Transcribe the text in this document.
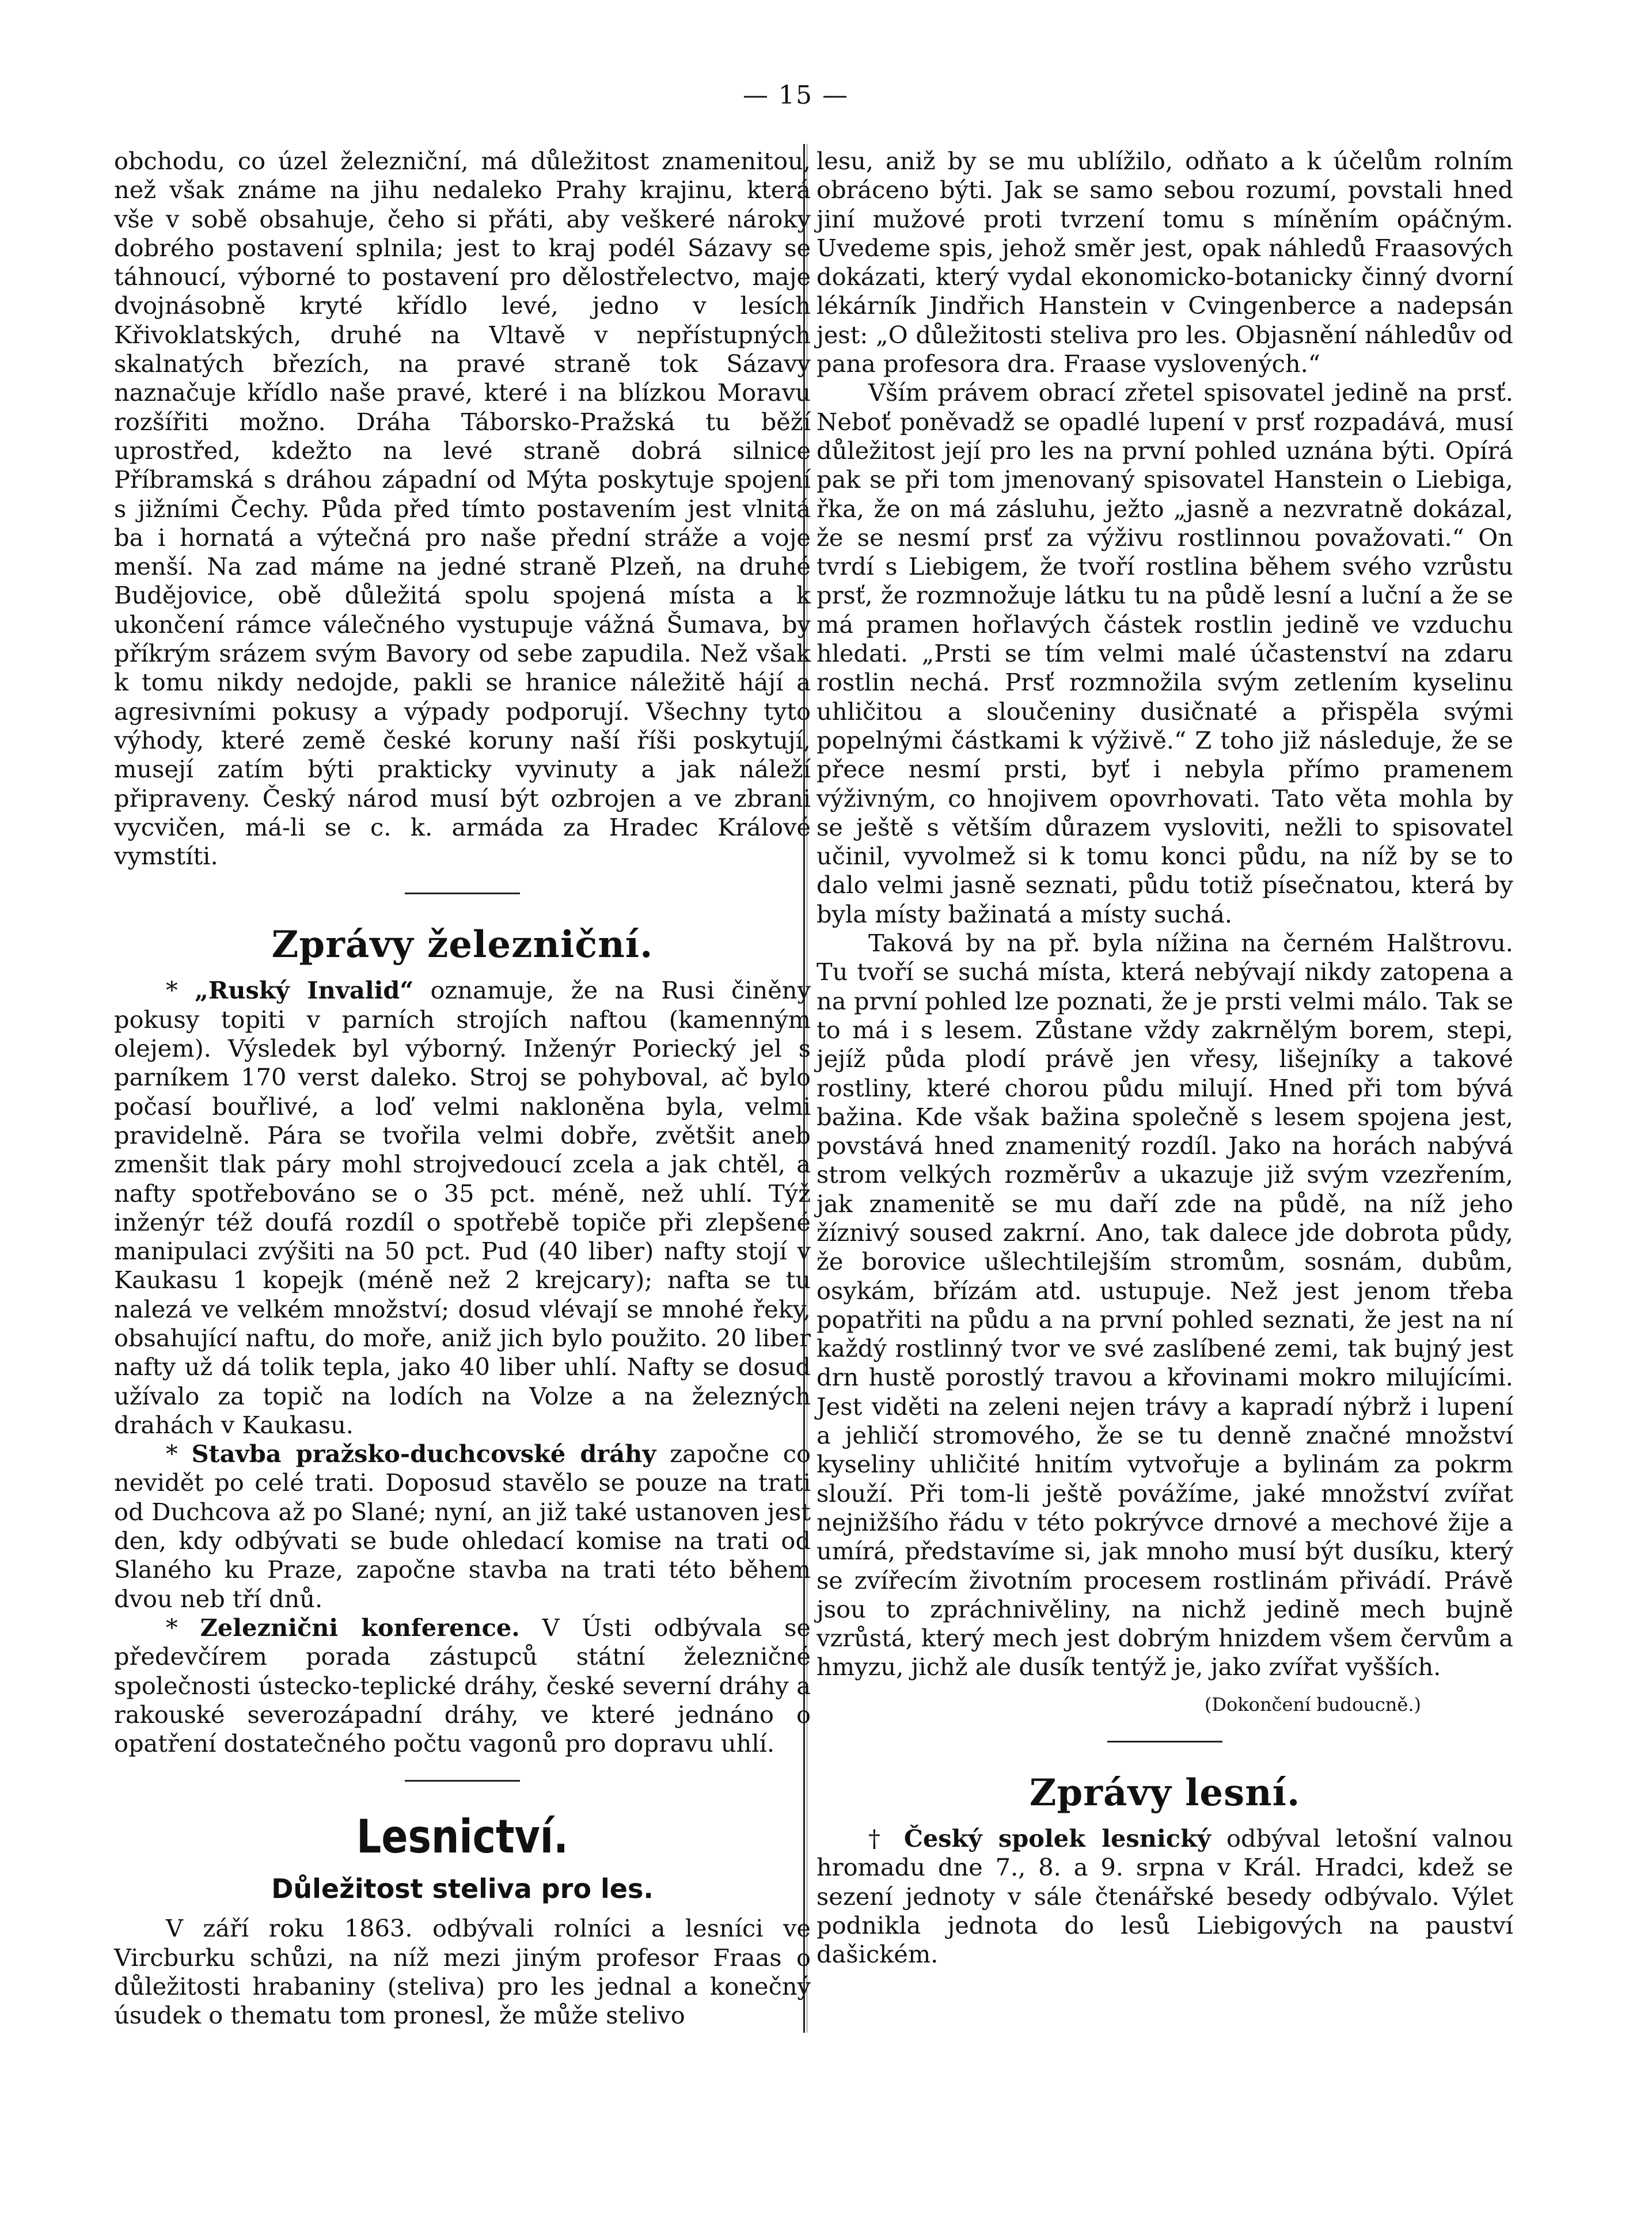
— 15 —

obchodu, co úzel železniční, má důležitost znamenitou, než však známe na jihu nedaleko Prahy krajinu, která vše v sobě obsahuje, čeho si přáti, aby veškeré nároky dobrého postavení splnila; jest to kraj podél Sázavy se táhnoucí, výborné to postavení pro dělostřelectvo, maje dvojnásobně kryté křídlo levé, jedno v lesích Křivoklatských, druhé na Vltavě v nepřístupných skalnatých březích, na pravé straně tok Sázavy naznačuje křídlo naše pravé, které i na blízkou Moravu rozšířiti možno. Dráha Táborsko-Pražská tu běží uprostřed, kdežto na levé straně dobrá silnice Příbramská s dráhou západní od Mýta poskytuje spojení s jižními Čechy. Půda před tímto postavením jest vlnitá ba i hornatá a výtečná pro naše přední stráže a voje menší. Na zad máme na jedné straně Plzeň, na druhé Budějovice, obě důležitá spolu spojená místa a k ukončení rámce válečného vystupuje vážná Šumava, by příkrým srázem svým Bavory od sebe zapudila. Než však k tomu nikdy nedojde, pakli se hranice náležitě hájí a agresivními pokusy a výpady podporují. Všechny tyto výhody, které země české koruny naší říši poskytují, musejí zatím býti prakticky vyvinuty a jak náleží připraveny. Český národ musí být ozbrojen a ve zbrani vycvičen, má-li se c. k. armáda za Hradec Králové vymstíti.

Zprávy železniční.

* „Ruský Invalid“ oznamuje, že na Rusi činěny pokusy topiti v parních strojích naftou (kamenným olejem). Výsledek byl výborný. Inženýr Poriecký jel s parníkem 170 verst daleko. Stroj se pohyboval, ač bylo počasí bouřlivé, a loď velmi nakloněna byla, velmi pravidelně. Pára se tvořila velmi dobře, zvětšit aneb zmenšit tlak páry mohl strojvedoucí zcela a jak chtěl, a nafty spotřebováno se o 35 pct. méně, než uhlí. Týž inženýr též doufá rozdíl o spotřebě topiče při zlepšené manipulaci zvýšiti na 50 pct. Pud (40 liber) nafty stojí v Kaukasu 1 kopejk (méně než 2 krejcary); nafta se tu nalezá ve velkém množství; dosud vlévají se mnohé řeky, obsahující naftu, do moře, aniž jich bylo použito. 20 liber nafty už dá tolik tepla, jako 40 liber uhlí. Nafty se dosud užívalo za topič na lodích na Volze a na železných drahách v Kaukasu.

* Stavba pražsko-duchcovské dráhy započne co nevidět po celé trati. Doposud stavělo se pouze na trati od Duchcova až po Slané; nyní, an již také ustanoven jest den, kdy odbývati se bude ohledací komise na trati od Slaného ku Praze, započne stavba na trati této během dvou neb tří dnů.

* Zeleznični konference. V Ústi odbývala se předevčírem porada zástupců státní železničné společnosti ústecko-teplické dráhy, české severní dráhy a rakouské severozápadní dráhy, ve které jednáno o opatření dostatečného počtu vagonů pro dopravu uhlí.

Lesnictví.
Důležitost steliva pro les.

V září roku 1863. odbývali rolníci a lesníci ve Vircburku schůzi, na níž mezi jiným profesor Fraas o důležitosti hrabaniny (steliva) pro les jednal a konečný úsudek o thematu tom pronesl, že může stelivo

lesu, aniž by se mu ublížilo, odňato a k účelům rolním obráceno býti. Jak se samo sebou rozumí, povstali hned jiní mužové proti tvrzení tomu s míněním opáčným. Uvedeme spis, jehož směr jest, opak náhledů Fraasových dokázati, který vydal ekonomicko-botanicky činný dvorní lékárník Jindřich Hanstein v Cvingenberce a nadepsán jest: „O důležitosti steliva pro les. Objasnění náhledův od pana profesora dra. Fraase vyslovených.“

Vším právem obrací zřetel spisovatel jedině na prsť. Neboť poněvadž se opadlé lupení v prsť rozpadává, musí důležitost její pro les na první pohled uznána býti. Opírá pak se při tom jmenovaný spisovatel Hanstein o Liebiga, řka, že on má zásluhu, ježto „jasně a nezvratně dokázal, že se nesmí prsť za výživu rostlinnou považovati.“ On tvrdí s Liebigem, že tvoří rostlina během svého vzrůstu prsť, že rozmnožuje látku tu na půdě lesní a luční a že se má pramen hořlavých částek rostlin jedině ve vzduchu hledati. „Prsti se tím velmi malé účastenství na zdaru rostlin nechá. Prsť rozmnožila svým zetlením kyselinu uhličitou a sloučeniny dusičnaté a přispěla svými popelnými částkami k výživě.“ Z toho již následuje, že se přece nesmí prsti, byť i nebyla přímo pramenem výživným, co hnojivem opovrhovati. Tato věta mohla by se ještě s větším důrazem vysloviti, nežli to spisovatel učinil, vyvolmež si k tomu konci půdu, na níž by se to dalo velmi jasně seznati, půdu totiž písečnatou, která by byla místy bažinatá a místy suchá.

Taková by na př. byla nížina na černém Halštrovu. Tu tvoří se suchá místa, která nebývají nikdy zatopena a na první pohled lze poznati, že je prsti velmi málo. Tak se to má i s lesem. Zůstane vždy zakrnělým borem, stepi, jejíž půda plodí právě jen vřesy, lišejníky a takové rostliny, které chorou půdu milují. Hned při tom bývá bažina. Kde však bažina společně s lesem spojena jest, povstává hned znamenitý rozdíl. Jako na horách nabývá strom velkých rozměrův a ukazuje již svým vzezřením, jak znamenitě se mu daří zde na půdě, na níž jeho žíznivý soused zakrní. Ano, tak dalece jde dobrota půdy, že borovice ušlechtilejším stromům, sosnám, dubům, osykám, břízám atd. ustupuje. Než jest jenom třeba popatřiti na půdu a na první pohled seznati, že jest na ní každý rostlinný tvor ve své zaslíbené zemi, tak bujný jest drn hustě porostlý travou a křovinami mokro milujícími. Jest viděti na zeleni nejen trávy a kapradí nýbrž i lupení a jehličí stromového, že se tu denně značné množství kyseliny uhličité hnitím vytvořuje a bylinám za pokrm slouží. Při tom-li ještě povážíme, jaké množství zvířat nejnižšího řádu v této pokrývce drnové a mechové žije a umírá, představíme si, jak mnoho musí být dusíku, který se zvířecím životním procesem rostlinám přivádí. Právě jsou to zpráchnivěliny, na nichž jedině mech bujně vzrůstá, který mech jest dobrým hnizdem všem červům a hmyzu, jichž ale dusík tentýž je, jako zvířat vyšších.

(Dokončení budoucně.)

Zprávy lesní.

† Český spolek lesnický odbýval letošní valnou hromadu dne 7., 8. a 9. srpna v Král. Hradci, kdež se sezení jednoty v sále čtenářské besedy odbývalo. Výlet podnikla jednota do lesů Liebigových na pauství dašickém.
